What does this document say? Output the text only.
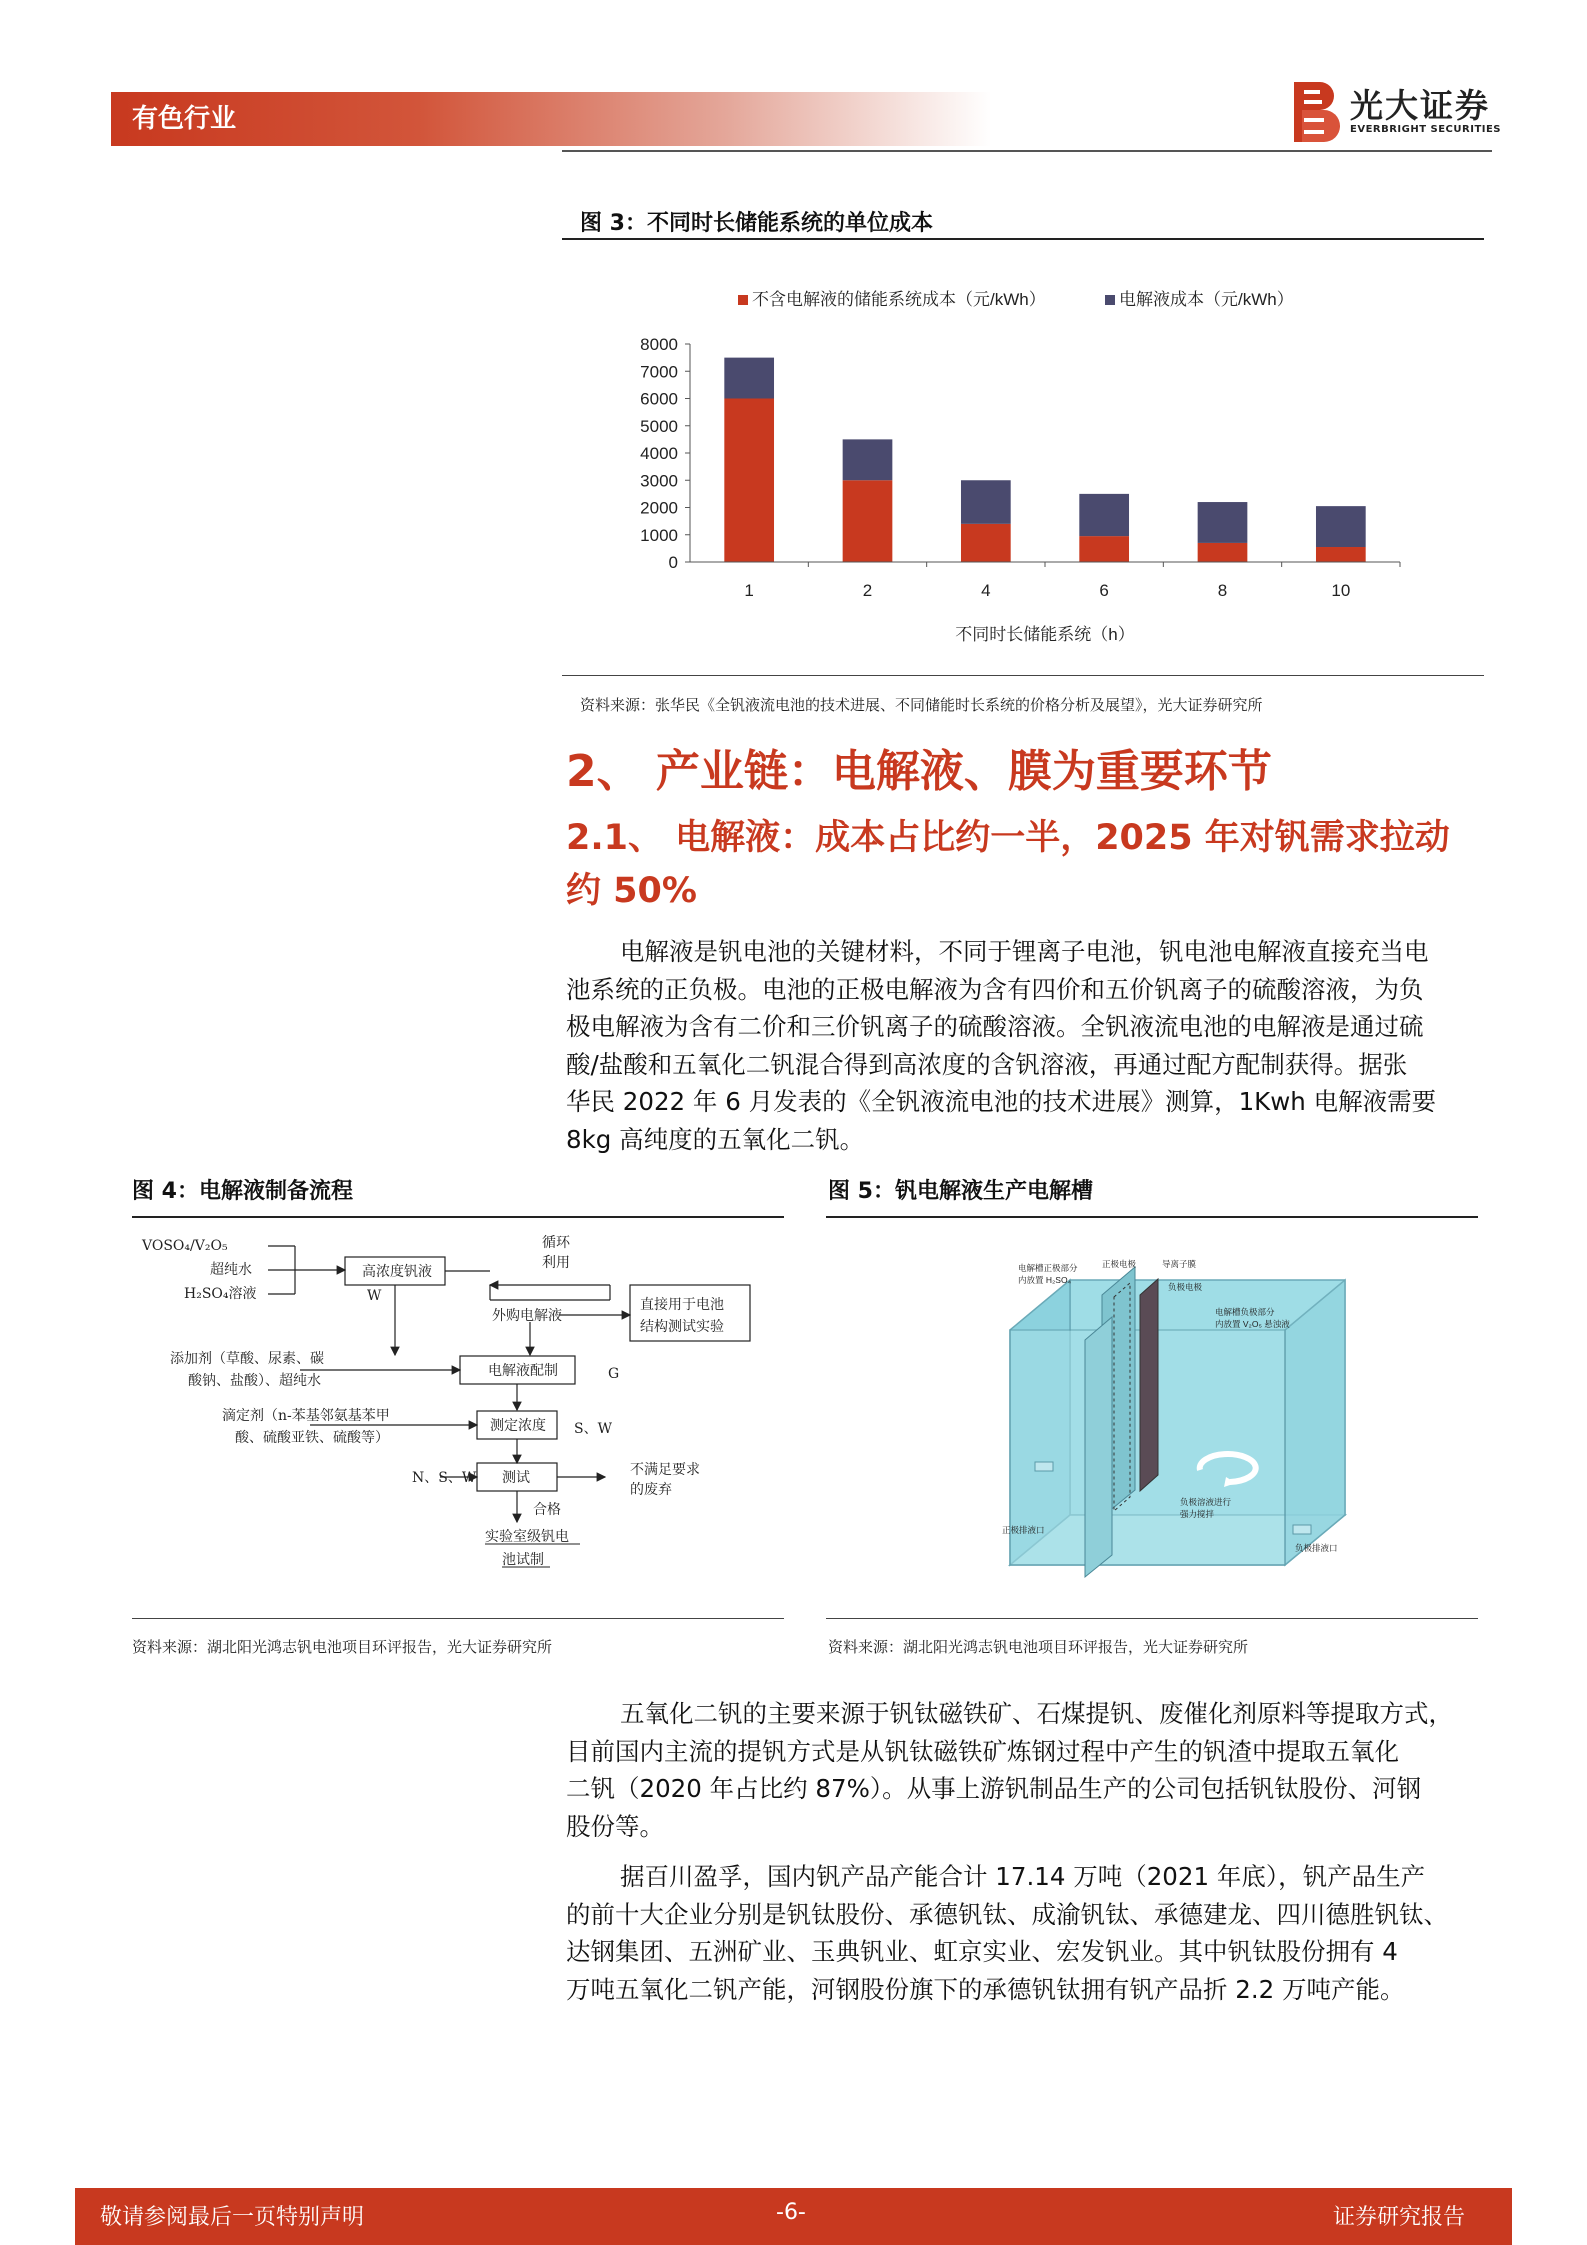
有色行业	光大证券
EVERBRIGHT SECURITIES
图 3：不同时长储能系统的单位成本
不含电解液的储能系统成本（元/kWh）	电解液成本（元/kWh）
0
1000
2000
3000
4000
5000
6000
7000
8000
1	2	4	6	8	10
不同时长储能系统（h）
资料来源：张华民《全钒液流电池的技术进展、不同储能时长系统的价格分析及展望》，光大证券研究所
2、 产业链：电解液、膜为重要环节
2.1、 电解液：成本占比约一半，2025 年对钒需求拉动
约 50%
电解液是钒电池的关键材料，不同于锂离子电池，钒电池电解液直接充当电
池系统的正负极。电池的正极电解液为含有四价和五价钒离子的硫酸溶液，为负
极电解液为含有二价和三价钒离子的硫酸溶液。全钒液流电池的电解液是通过硫
酸/盐酸和五氧化二钒混合得到高浓度的含钒溶液，再通过配方配制获得。据张
华民 2022 年 6 月发表的《全钒液流电池的技术进展》测算，1Kwh 电解液需要
8kg 高纯度的五氧化二钒。
图 4：电解液制备流程
VOSO₄/V₂O₅
超纯水
H₂SO₄溶液
高浓度钒液
W
循环
利用
外购电解液
直接用于电池
结构测试实验
添加剂（草酸、尿素、碳
酸钠、盐酸）、超纯水
电解液配制	G
滴定剂（n-苯基邻氨基苯甲
酸、硫酸亚铁、硫酸等）
测定浓度 S、W
N、S、W 测试	不满足要求
的废弃
合格
实验室级钒电
池试制
资料来源：湖北阳光鸿志钒电池项目环评报告，光大证券研究所
图 5：钒电解液生产电解槽
电解槽正极部分
内放置 H₂SO₄
正极电极	导离子膜
负极电极
电解槽负极部分
内放置 V₂O₅ 悬浊液
负极溶液进行
强力搅拌
正极排液口
负极排液口
资料来源：湖北阳光鸿志钒电池项目环评报告，光大证券研究所
五氧化二钒的主要来源于钒钛磁铁矿、石煤提钒、废催化剂原料等提取方式，
目前国内主流的提钒方式是从钒钛磁铁矿炼钢过程中产生的钒渣中提取五氧化
二钒（2020 年占比约 87%）。从事上游钒制品生产的公司包括钒钛股份、河钢
股份等。
据百川盈孚，国内钒产品产能合计 17.14 万吨（2021 年底），钒产品生产
的前十大企业分别是钒钛股份、承德钒钛、成渝钒钛、承德建龙、四川德胜钒钛、
达钢集团、五洲矿业、玉典钒业、虹京实业、宏发钒业。其中钒钛股份拥有 4
万吨五氧化二钒产能，河钢股份旗下的承德钒钛拥有钒产品折 2.2 万吨产能。
敬请参阅最后一页特别声明	-6-	证券研究报告
